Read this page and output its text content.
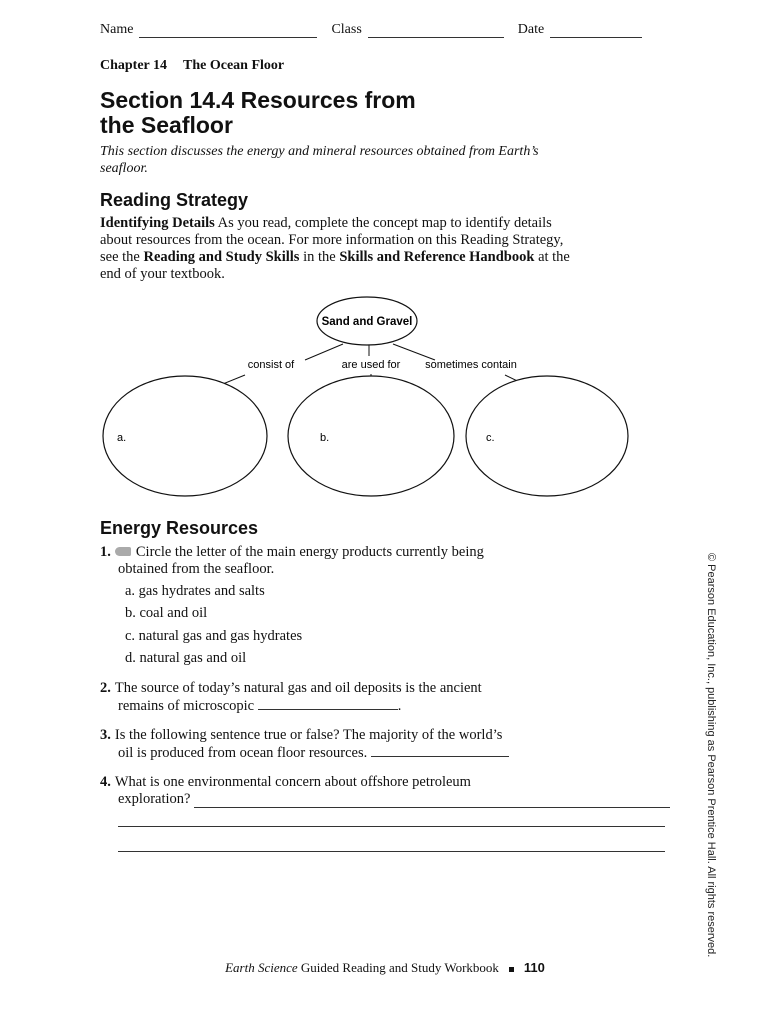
Name	Class	Date
Chapter 14 The Ocean Floor
Section 14.4 Resources from
the Seafloor
This section discusses the energy and mineral resources obtained from Earth’s seafloor.
Reading Strategy
Identifying Details As you read, complete the concept map to identify details about resources from the ocean. For more information on this Reading Strategy, see the Reading and Study Skills in the Skills and Reference Handbook at the end of your textbook.
Sand and Gravel
consist of	are used for sometimes contain
a.	b.	c.
Energy Resources
1. Circle the letter of the main energy products currently being
obtained from the seafloor.
a. gas hydrates and salts
b. coal and oil
c. natural gas and gas hydrates
d. natural gas and oil
2. The source of today’s natural gas and oil deposits is the ancient
remains of microscopic	.
3. Is the following sentence true or false? The majority of the world’s
oil is produced from ocean floor resources.
4. What is one environmental concern about offshore petroleum
exploration?	© Pearson Education, Inc., publishing as Pearson Prentice Hall. All rights reserved.
Earth Science Guided Reading and Study Workbook 110
